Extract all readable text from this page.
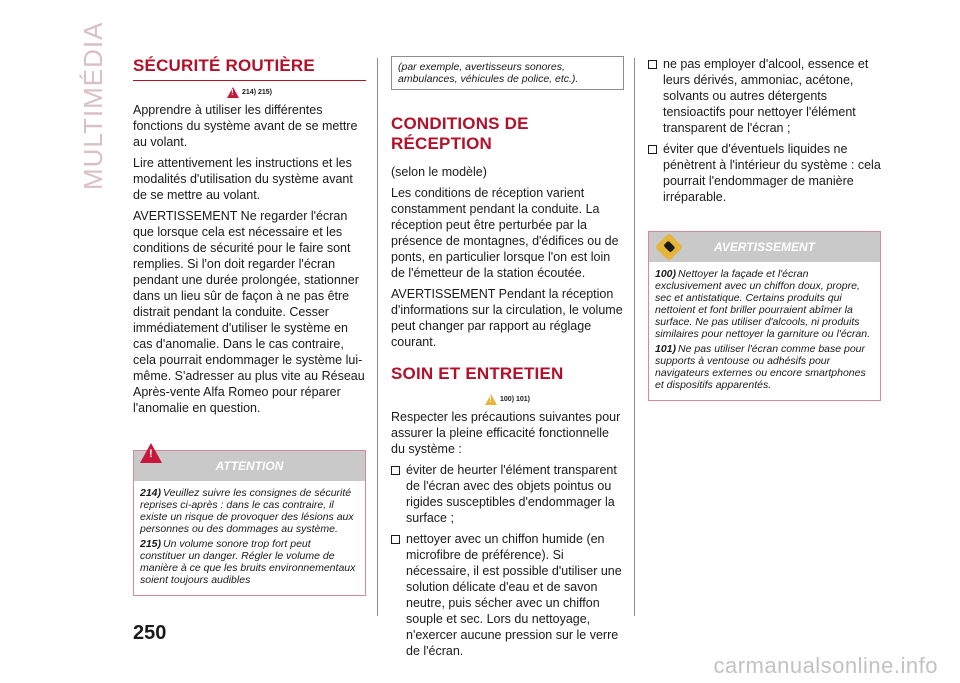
MULTIMÉDIA SÉCURITÉ ROUTIÈRE
!
214) 215)

Apprendre à utiliser les différentes fonctions du système avant de se mettre au volant.

Lire attentivement les instructions et les modalités d'utilisation du système avant de se mettre au volant.

AVERTISSEMENT Ne regarder l'écran que lorsque cela est nécessaire et les conditions de sécurité pour le faire sont remplies. Si l'on doit regarder l'écran pendant une durée prolongée, stationner dans un lieu sûr de façon à ne pas être distrait pendant la conduite. Cesser immédiatement d'utiliser le système en cas d'anomalie. Dans le cas contraire, cela pourrait endommager le système lui-même. S'adresser au plus vite au Réseau Après-vente Alfa Romeo pour réparer l'anomalie en question.

!
ATTENTION
214) Veuillez suivre les consignes de sécurité reprises ci-après : dans le cas contraire, il existe un risque de provoquer des lésions aux personnes ou des dommages au système.
215) Un volume sonore trop fort peut constituer un danger. Régler le volume de manière à ce que les bruits environnementaux soient toujours audibles
(par exemple, avertisseurs sonores, ambulances, véhicules de police, etc.).
CONDITIONS DE RÉCEPTION

(selon le modèle)

Les conditions de réception varient constamment pendant la conduite. La réception peut être perturbée par la présence de montagnes, d'édifices ou de ponts, en particulier lorsque l'on est loin de l'émetteur de la station écoutée.

AVERTISSEMENT Pendant la réception d'informations sur la circulation, le volume peut changer par rapport au réglage courant.

SOIN ET ENTRETIEN
!
100) 101)

Respecter les précautions suivantes pour assurer la pleine efficacité fonctionnelle du système :

éviter de heurter l'élément transparent de l'écran avec des objets pointus ou rigides susceptibles d'endommager la surface ;

nettoyer avec un chiffon humide (en microfibre de préférence). Si nécessaire, il est possible d'utiliser une solution délicate d'eau et de savon neutre, puis sécher avec un chiffon souple et sec. Lors du nettoyage, n'exercer aucune pression sur le verre de l'écran.

ne pas employer d'alcool, essence et leurs dérivés, ammoniac, acétone, solvants ou autres détergents tensioactifs pour nettoyer l'élément transparent de l'écran ;

éviter que d'éventuels liquides ne pénètrent à l'intérieur du système : cela pourrait l'endommager de manière irréparable.

AVERTISSEMENT
100) Nettoyer la façade et l'écran exclusivement avec un chiffon doux, propre, sec et antistatique. Certains produits qui nettoient et font briller pourraient abîmer la surface. Ne pas utiliser d'alcools, ni produits similaires pour nettoyer la garniture ou l'écran.
101) Ne pas utiliser l'écran comme base pour supports à ventouse ou adhésifs pour navigateurs externes ou encore smartphones et dispositifs apparentés.
250
carmanualsonline.info
